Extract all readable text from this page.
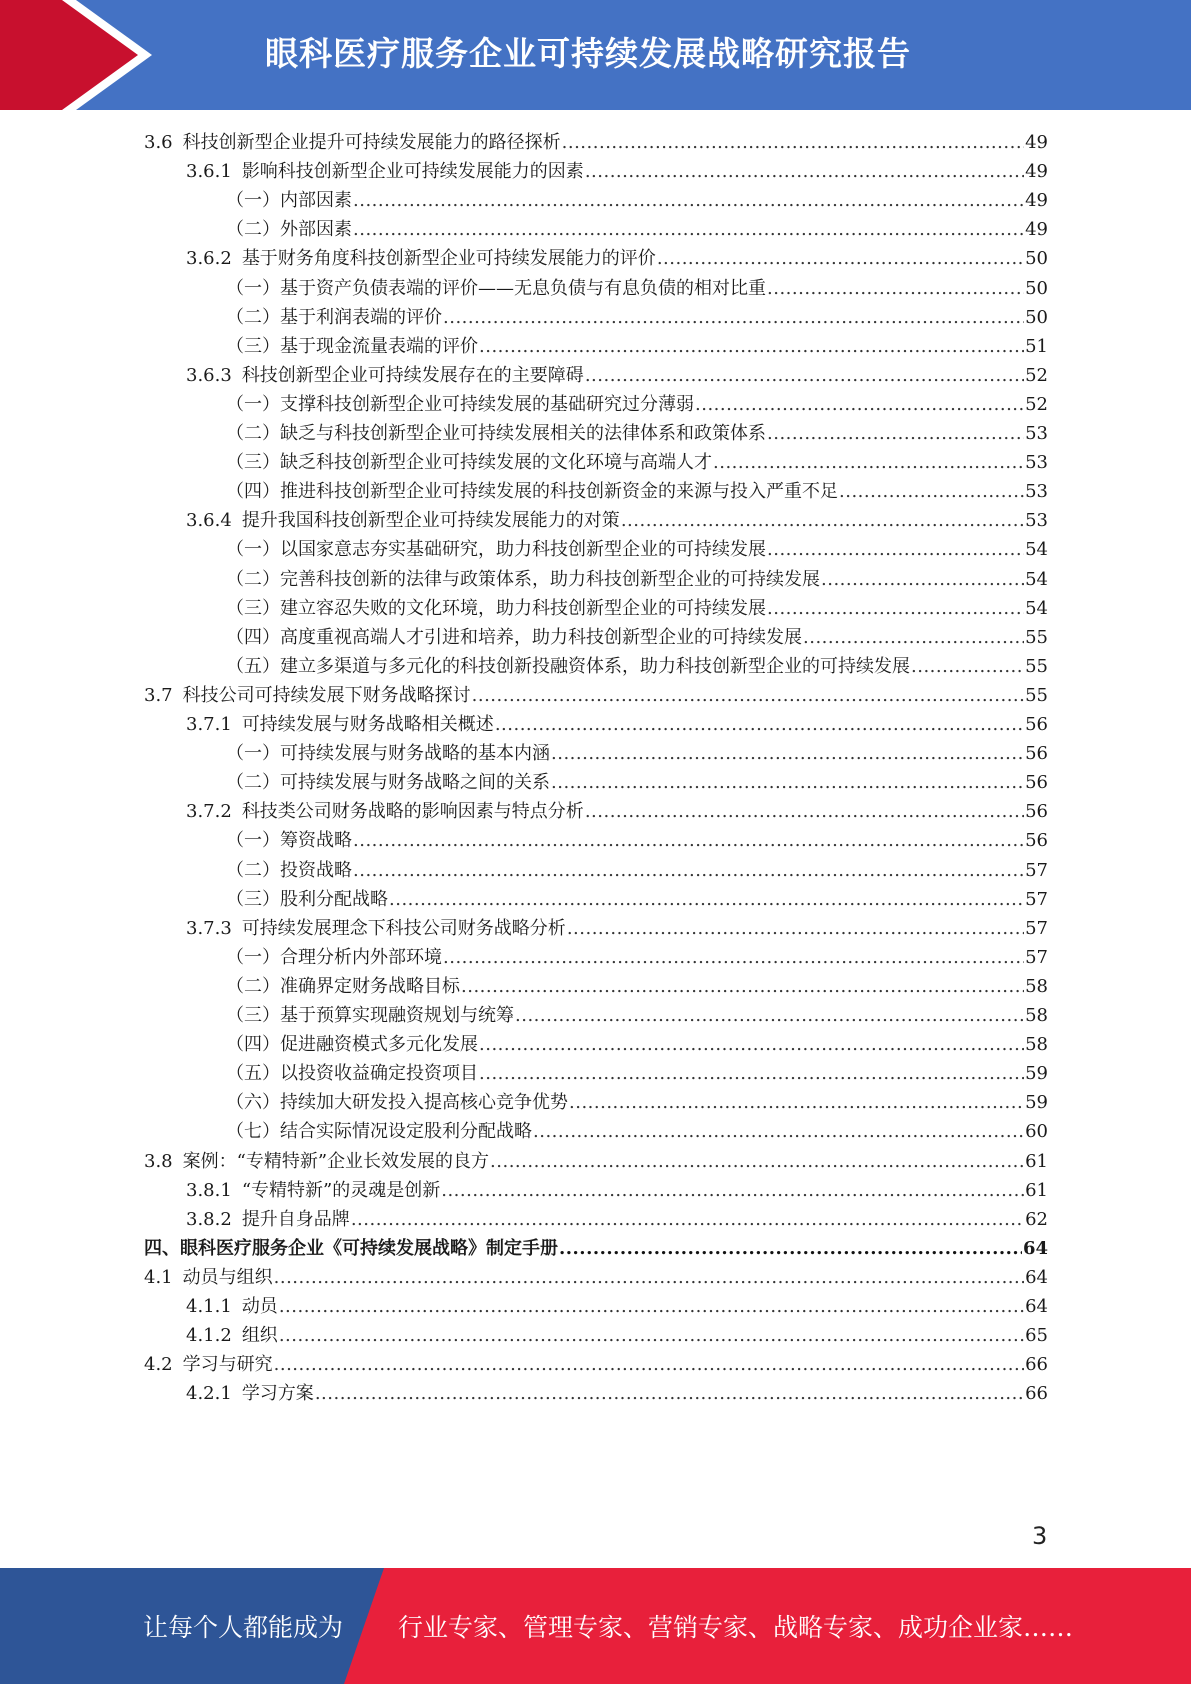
眼科医疗服务企业可持续发展战略研究报告
3.6 科技创新型企业提升可持续发展能力的路径探析 .....	49
3.6.1 影响科技创新型企业可持续发展能力的因素 .....	49
（一）内部因素 .....	49
（二）外部因素 .....	49
3.6.2 基于财务角度科技创新型企业可持续发展能力的评价 .....	50
（一）基于资产负债表端的评价——无息负债与有息负债的相对比重 .....	50
（二）基于利润表端的评价 .....	50
（三）基于现金流量表端的评价 .....	51
3.6.3 科技创新型企业可持续发展存在的主要障碍 .....	52
（一）支撑科技创新型企业可持续发展的基础研究过分薄弱 .....	52
（二）缺乏与科技创新型企业可持续发展相关的法律体系和政策体系 .....	53
（三）缺乏科技创新型企业可持续发展的文化环境与高端人才 .....	53
（四）推进科技创新型企业可持续发展的科技创新资金的来源与投入严重不足 .....	53
3.6.4 提升我国科技创新型企业可持续发展能力的对策 .....	53
（一）以国家意志夯实基础研究，助力科技创新型企业的可持续发展 .....	54
（二）完善科技创新的法律与政策体系，助力科技创新型企业的可持续发展 .....	54
（三）建立容忍失败的文化环境，助力科技创新型企业的可持续发展 .....	54
（四）高度重视高端人才引进和培养，助力科技创新型企业的可持续发展 .....	55
（五）建立多渠道与多元化的科技创新投融资体系，助力科技创新型企业的可持续发展 .....	55
3.7 科技公司可持续发展下财务战略探讨 .....	55
3.7.1 可持续发展与财务战略相关概述 .....	56
（一）可持续发展与财务战略的基本内涵 .....	56
（二）可持续发展与财务战略之间的关系 .....	56
3.7.2 科技类公司财务战略的影响因素与特点分析 .....	56
（一）筹资战略 .....	56
（二）投资战略 .....	57
（三）股利分配战略 .....	57
3.7.3 可持续发展理念下科技公司财务战略分析 .....	57
（一）合理分析内外部环境 .....	57
（二）准确界定财务战略目标 .....	58
（三）基于预算实现融资规划与统筹 .....	58
（四）促进融资模式多元化发展 .....	58
（五）以投资收益确定投资项目 .....	59
（六）持续加大研发投入提高核心竞争优势 .....	59
（七）结合实际情况设定股利分配战略 .....	60
3.8 案例：“专精特新”企业长效发展的良方 .....	61
3.8.1 “专精特新”的灵魂是创新 .....	61
3.8.2 提升自身品牌 .....	62
四、眼科医疗服务企业《可持续发展战略》制定手册 .....	64
4.1 动员与组织 .....	64
4.1.1 动员 .....	64
4.1.2 组织 .....	65
4.2 学习与研究 .....	66
4.2.1 学习方案 .....	66
3
让每个人都能成为 行业专家、管理专家、营销专家、战略专家、成功企业家……
